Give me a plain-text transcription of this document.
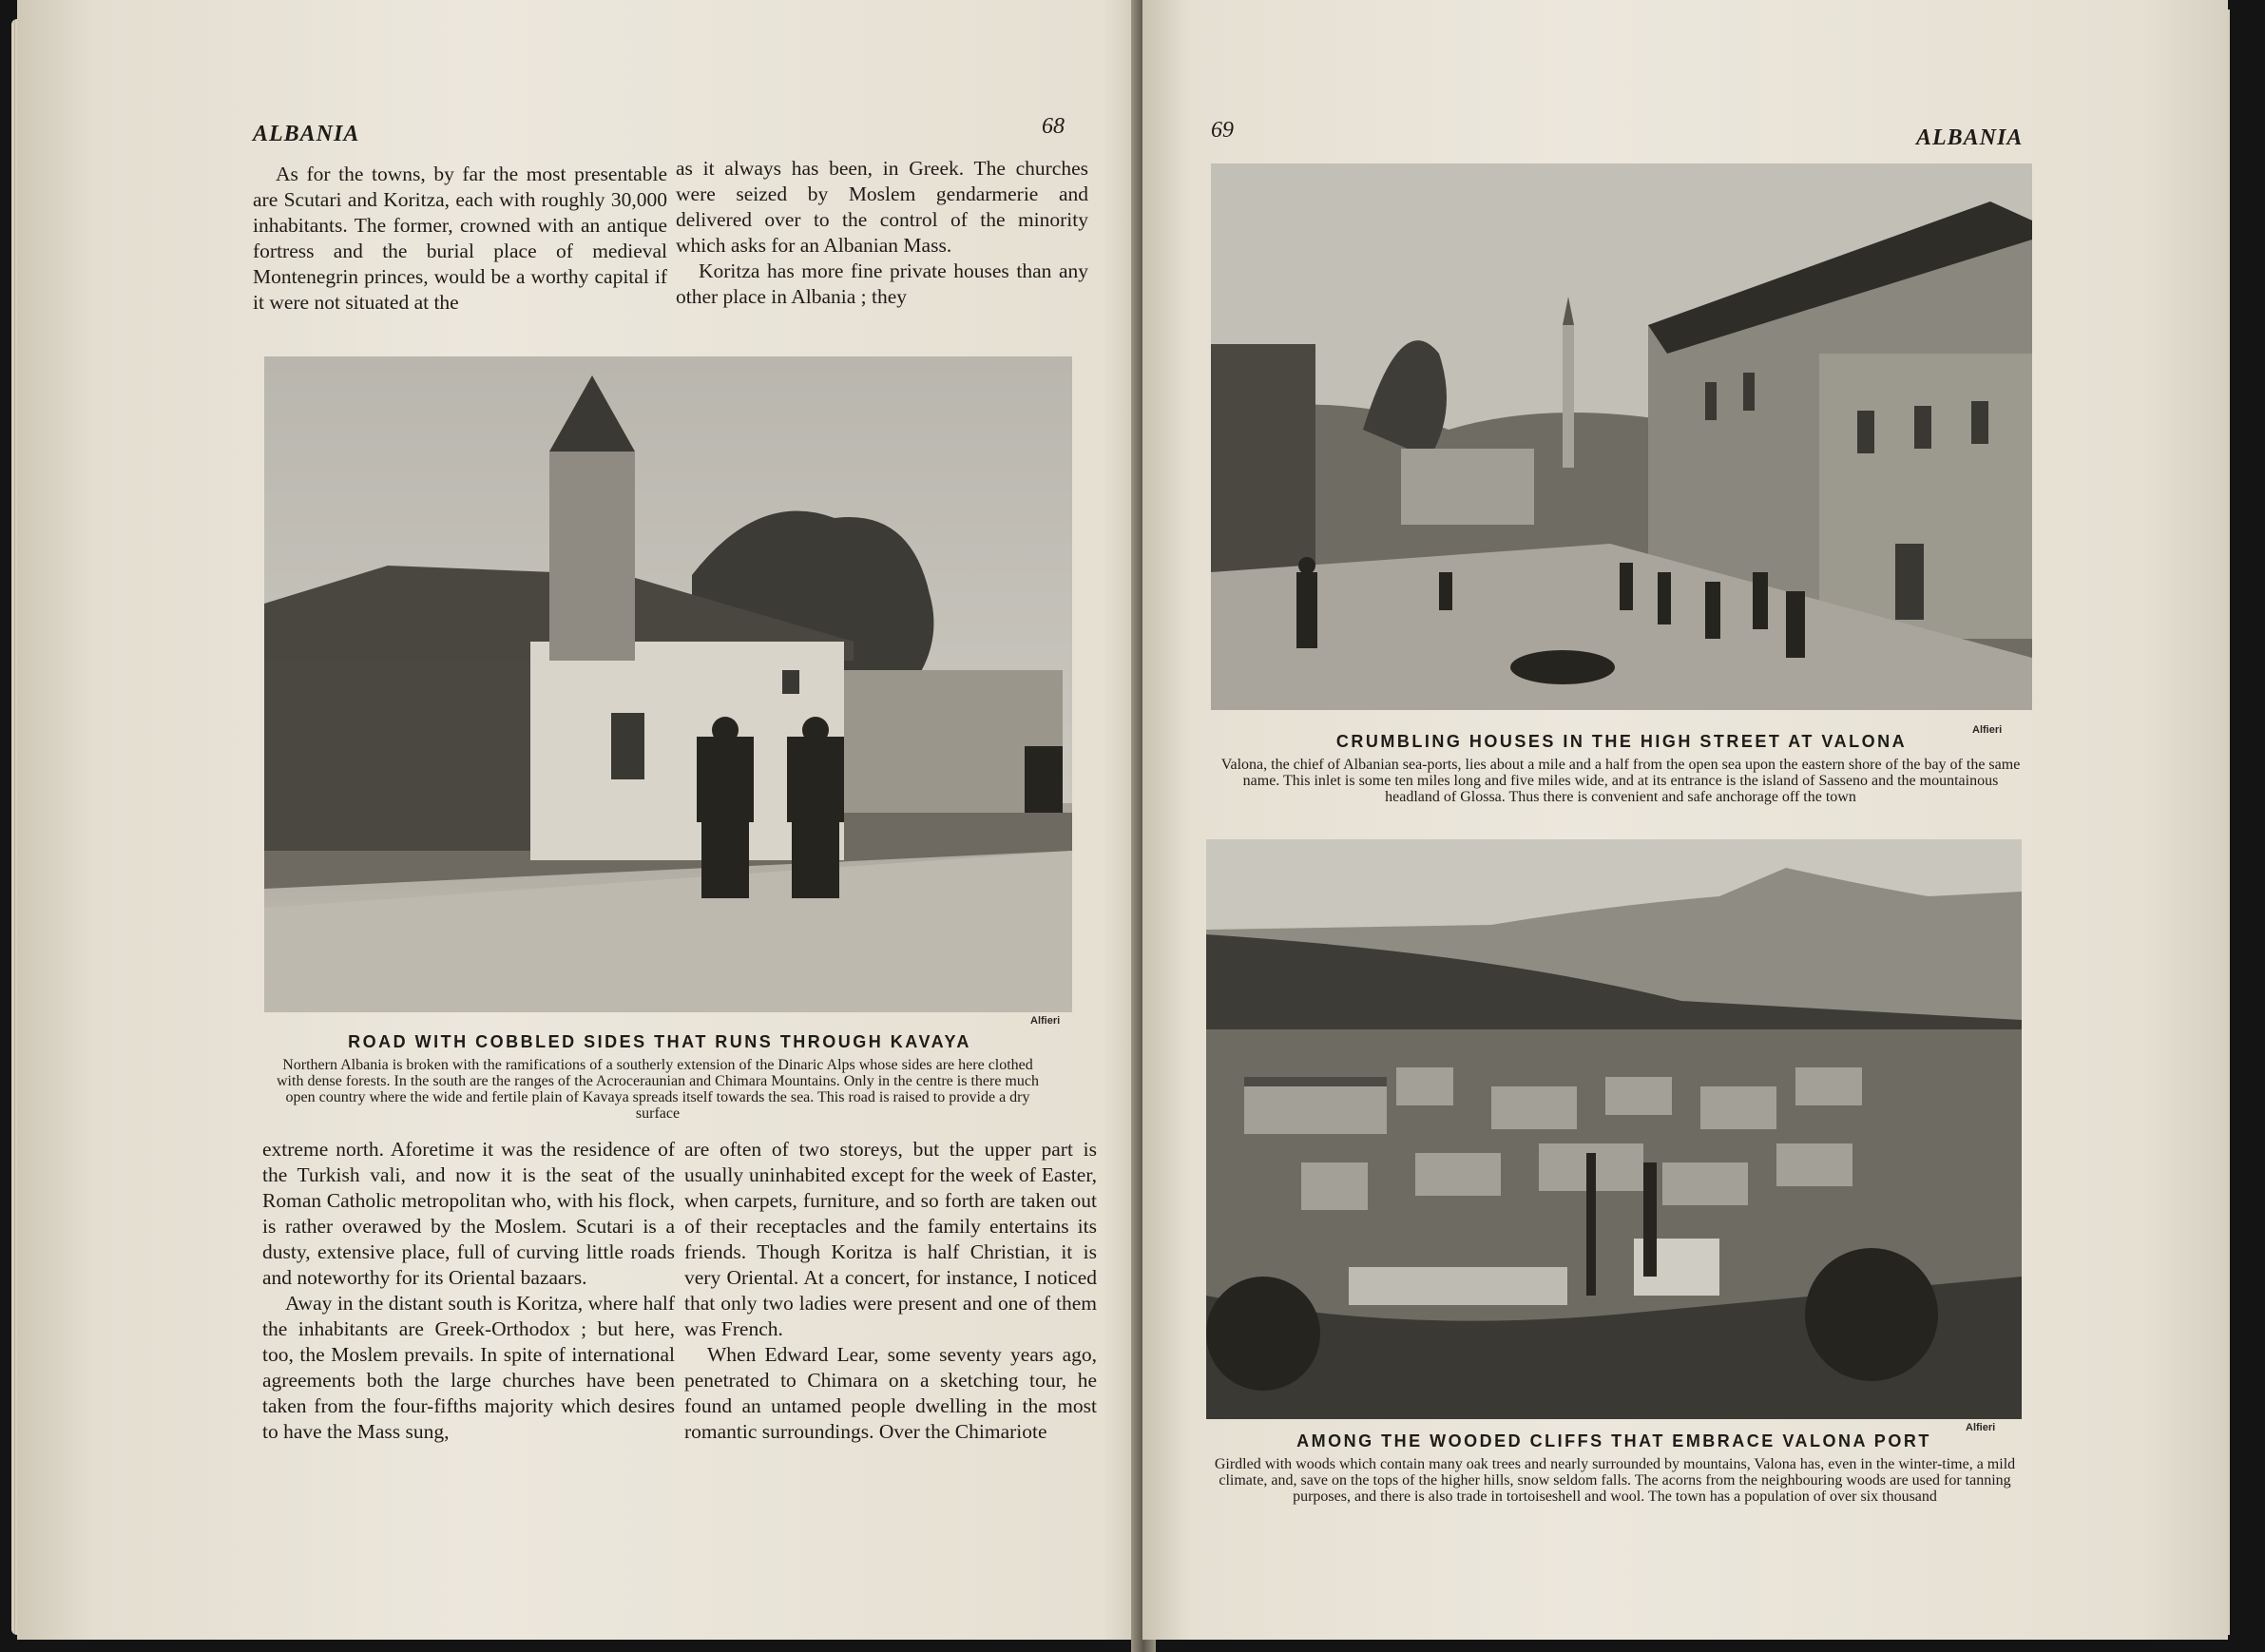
ALBANIA	68

As for the towns, by far the most presentable are Scutari and Koritza, each with roughly 30,000 inhabitants. The former, crowned with an antique fortress and the burial place of medieval Montenegrin princes, would be a worthy capital if it were not situated at the

as it always has been, in Greek. The churches were seized by Moslem gendarmerie and delivered over to the control of the minority which asks for an Albanian Mass.

Koritza has more fine private houses than any other place in Albania ; they

Alfieri
ROAD WITH COBBLED SIDES THAT RUNS THROUGH KAVAYA

Northern Albania is broken with the ramifications of a southerly extension of the Dinaric Alps whose sides are here clothed with dense forests. In the south are the ranges of the Acroceraunian and Chimara Mountains. Only in the centre is there much open country where the wide and fertile plain of Kavaya spreads itself towards the sea. This road is raised to provide a dry surface

extreme north. Aforetime it was the residence of the Turkish vali, and now it is the seat of the Roman Catholic metropolitan who, with his flock, is rather overawed by the Moslem. Scutari is a dusty, extensive place, full of curving little roads and noteworthy for its Oriental bazaars.

Away in the distant south is Koritza, where half the inhabitants are Greek-Orthodox ; but here, too, the Moslem prevails. In spite of international agreements both the large churches have been taken from the four-fifths majority which desires to have the Mass sung,

are often of two storeys, but the upper part is usually uninhabited except for the week of Easter, when carpets, furniture, and so forth are taken out of their receptacles and the family entertains its friends. Though Koritza is half Christian, it is very Oriental. At a concert, for instance, I noticed that only two ladies were present and one of them was French.

When Edward Lear, some seventy years ago, penetrated to Chimara on a sketching tour, he found an untamed people dwelling in the most romantic surroundings. Over the Chimariote

69	ALBANIA
Alfieri
CRUMBLING HOUSES IN THE HIGH STREET AT VALONA

Valona, the chief of Albanian sea-ports, lies about a mile and a half from the open sea upon the eastern shore of the bay of the same name. This inlet is some ten miles long and five miles wide, and at its entrance is the island of Sasseno and the mountainous headland of Glossa. Thus there is convenient and safe anchorage off the town

Alfieri
AMONG THE WOODED CLIFFS THAT EMBRACE VALONA PORT

Girdled with woods which contain many oak trees and nearly surrounded by mountains, Valona has, even in the winter-time, a mild climate, and, save on the tops of the higher hills, snow seldom falls. The acorns from the neighbouring woods are used for tanning purposes, and there is also trade in tortoiseshell and wool. The town has a population of over six thousand
